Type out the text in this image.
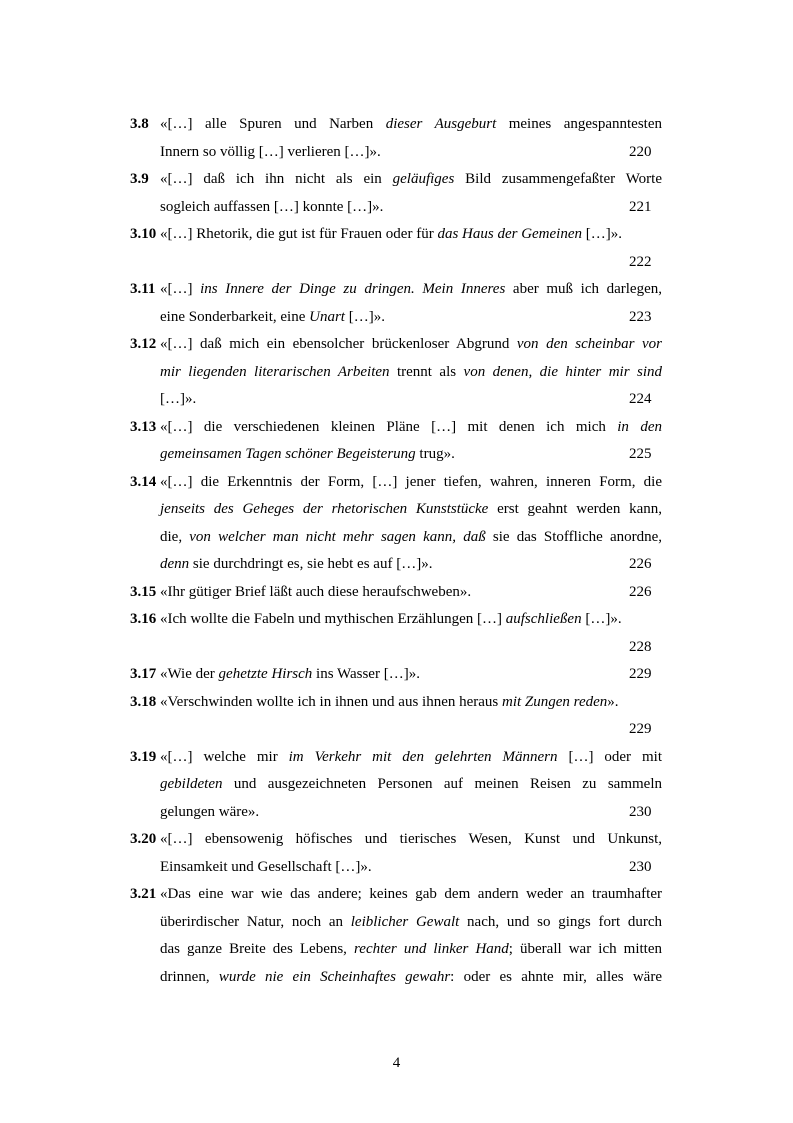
3.8 «[…] alle Spuren und Narben dieser Ausgeburt meines angespanntesten
Innern so völlig […] verlieren […]».	220
3.9 «[…] daß ich ihn nicht als ein geläufiges Bild zusammengefaßter Worte
sogleich auffassen […] konnte […]».	221
3.10 «[…] Rhetorik, die gut ist für Frauen oder für das Haus der Gemeinen […]».
222
3.11 «[…] ins Innere der Dinge zu dringen. Mein Inneres aber muß ich darlegen,
eine Sonderbarkeit, eine Unart […]».	223
3.12 «[…] daß mich ein ebensolcher brückenloser Abgrund von den scheinbar vor
mir liegenden literarischen Arbeiten trennt als von denen, die hinter mir sind
[…]».	224
3.13 «[…] die verschiedenen kleinen Pläne […] mit denen ich mich in den
gemeinsamen Tagen schöner Begeisterung trug».	225
3.14 «[…] die Erkenntnis der Form, […] jener tiefen, wahren, inneren Form, die
jenseits des Geheges der rhetorischen Kunststücke erst geahnt werden kann,
die, von welcher man nicht mehr sagen kann, daß sie das Stoffliche anordne,
denn sie durchdringt es, sie hebt es auf […]».	226
3.15 «Ihr gütiger Brief läßt auch diese heraufschweben».	226
3.16 «Ich wollte die Fabeln und mythischen Erzählungen […] aufschließen […]».
228
3.17 «Wie der gehetzte Hirsch ins Wasser […]».	229
3.18 «Verschwinden wollte ich in ihnen und aus ihnen heraus mit Zungen reden».
229
3.19 «[…] welche mir im Verkehr mit den gelehrten Männern […] oder mit
gebildeten und ausgezeichneten Personen auf meinen Reisen zu sammeln
gelungen wäre».	230
3.20 «[…] ebensowenig höfisches und tierisches Wesen, Kunst und Unkunst,
Einsamkeit und Gesellschaft […]».	230
3.21 «Das eine war wie das andere; keines gab dem andern weder an traumhafter
überirdischer Natur, noch an leiblicher Gewalt nach, und so gings fort durch
das ganze Breite des Lebens, rechter und linker Hand; überall war ich mitten
drinnen, wurde nie ein Scheinhaftes gewahr: oder es ahnte mir, alles wäre
4
